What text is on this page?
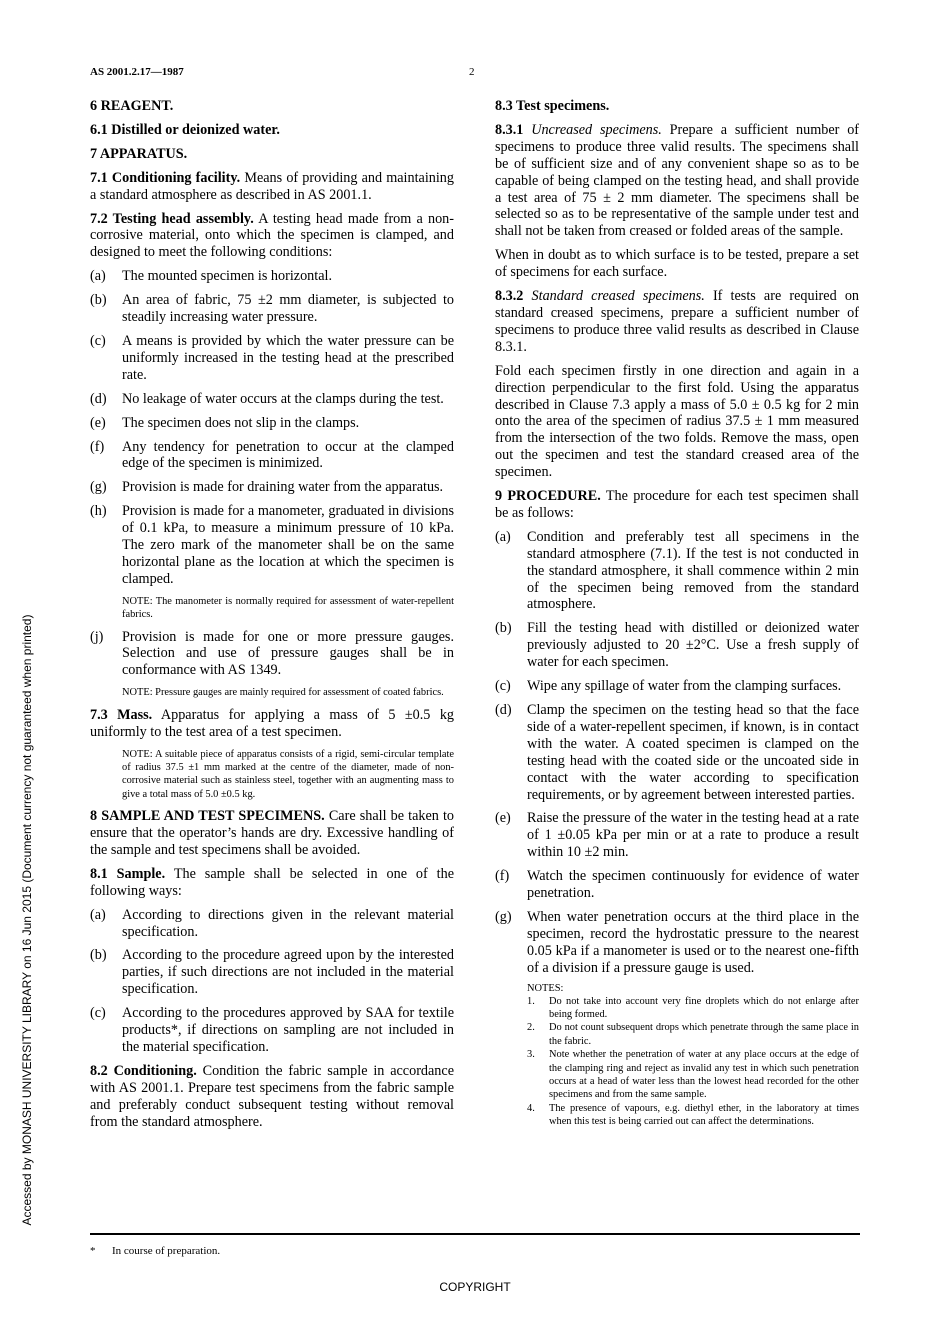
AS 2001.2.17—1987	2
6 REAGENT.
6.1 Distilled or deionized water.
7 APPARATUS.

7.1 Conditioning facility. Means of providing and maintaining a standard atmosphere as described in AS 2001.1.

7.2 Testing head assembly. A testing head made from a non-corrosive material, onto which the specimen is clamped, and designed to meet the following conditions:

(a)	The mounted specimen is horizontal.
(b)	An area of fabric, 75 ±2 mm diameter, is subjected to steadily increasing water pressure.
(c)	A means is provided by which the water pressure can be uniformly increased in the testing head at the prescribed rate.
(d)	No leakage of water occurs at the clamps during the test.
(e)	The specimen does not slip in the clamps.
(f)	Any tendency for penetration to occur at the clamped edge of the specimen is minimized.
(g)	Provision is made for draining water from the apparatus.
(h)	Provision is made for a manometer, graduated in divisions of 0.1 kPa, to measure a minimum pressure of 10 kPa. The zero mark of the manometer shall be on the same horizontal plane as the location at which the specimen is clamped.
NOTE: The manometer is normally required for assessment of water-repellent fabrics.
(j)	Provision is made for one or more pressure gauges. Selection and use of pressure gauges shall be in conformance with AS 1349.
NOTE: Pressure gauges are mainly required for assessment of coated fabrics.

7.3 Mass. Apparatus for applying a mass of 5 ±0.5 kg uniformly to the test area of a test specimen.

NOTE: A suitable piece of apparatus consists of a rigid, semi-circular template of radius 37.5 ±1 mm marked at the centre of the diameter, made of non-corrosive material such as stainless steel, together with an augmenting mass to give a total mass of 5.0 ±0.5 kg.

8 SAMPLE AND TEST SPECIMENS. Care shall be taken to ensure that the operator’s hands are dry. Excessive handling of the sample and test specimens shall be avoided.

8.1 Sample. The sample shall be selected in one of the following ways:

(a)	According to directions given in the relevant material specification.
(b)	According to the procedure agreed upon by the interested parties, if such directions are not included in the material specification.
(c)	According to the procedures approved by SAA for textile products*, if directions on sampling are not included in the material specification.

8.2 Conditioning. Condition the fabric sample in accordance with AS 2001.1. Prepare test specimens from the fabric sample and preferably conduct subsequent testing without removal from the standard atmosphere.

8.3 Test specimens.

8.3.1 Uncreased specimens. Prepare a sufficient number of specimens to produce three valid results. The specimens shall be of sufficient size and of any convenient shape so as to be capable of being clamped on the testing head, and shall provide a test area of 75 ± 2 mm diameter. The specimens shall be selected so as to be representative of the sample under test and shall not be taken from creased or folded areas of the sample.

When in doubt as to which surface is to be tested, prepare a set of specimens for each surface.

8.3.2 Standard creased specimens. If tests are required on standard creased specimens, prepare a sufficient number of specimens to produce three valid results as described in Clause 8.3.1.

Fold each specimen firstly in one direction and again in a direction perpendicular to the first fold. Using the apparatus described in Clause 7.3 apply a mass of 5.0 ± 0.5 kg for 2 min onto the area of the specimen of radius 37.5 ± 1 mm measured from the intersection of the two folds. Remove the mass, open out the specimen and test the standard creased area of the specimen.

9 PROCEDURE. The procedure for each test specimen shall be as follows:

(a)	Condition and preferably test all specimens in the standard atmosphere (7.1). If the test is not conducted in the standard atmosphere, it shall commence within 2 min of the specimen being removed from the standard atmosphere.
(b)	Fill the testing head with distilled or deionized water previously adjusted to 20 ±2°C. Use a fresh supply of water for each specimen.
(c)	Wipe any spillage of water from the clamping surfaces.
(d)	Clamp the specimen on the testing head so that the face side of a water-repellent specimen, if known, is in contact with the water. A coated specimen is clamped on the testing head with the coated side or the uncoated side in contact with the water according to specification requirements, or by agreement between interested parties.
(e)	Raise the pressure of the water in the testing head at a rate of 1 ±0.05 kPa per min or at a rate to produce a result within 10 ±2 min.
(f)	Watch the specimen continuously for evidence of water penetration.
(g)	When water penetration occurs at the third place in the specimen, record the hydrostatic pressure to the nearest 0.05 kPa if a manometer is used or to the nearest one-fifth of a division if a pressure gauge is used.
NOTES:
1.	Do not take into account very fine droplets which do not enlarge after being formed.
2.	Do not count subsequent drops which penetrate through the same place in the fabric.
3.	Note whether the penetration of water at any place occurs at the edge of the clamping ring and reject as invalid any test in which such penetration occurs at a head of water less than the lowest head recorded for the other specimens and from the same sample.
4.	The presence of vapours, e.g. diethyl ether, in the laboratory at times when this test is being carried out can affect the determinations.
* In course of preparation.
COPYRIGHT
Accessed by MONASH UNIVERSITY LIBRARY on 16 Jun 2015 (Document currency not guaranteed when printed)
